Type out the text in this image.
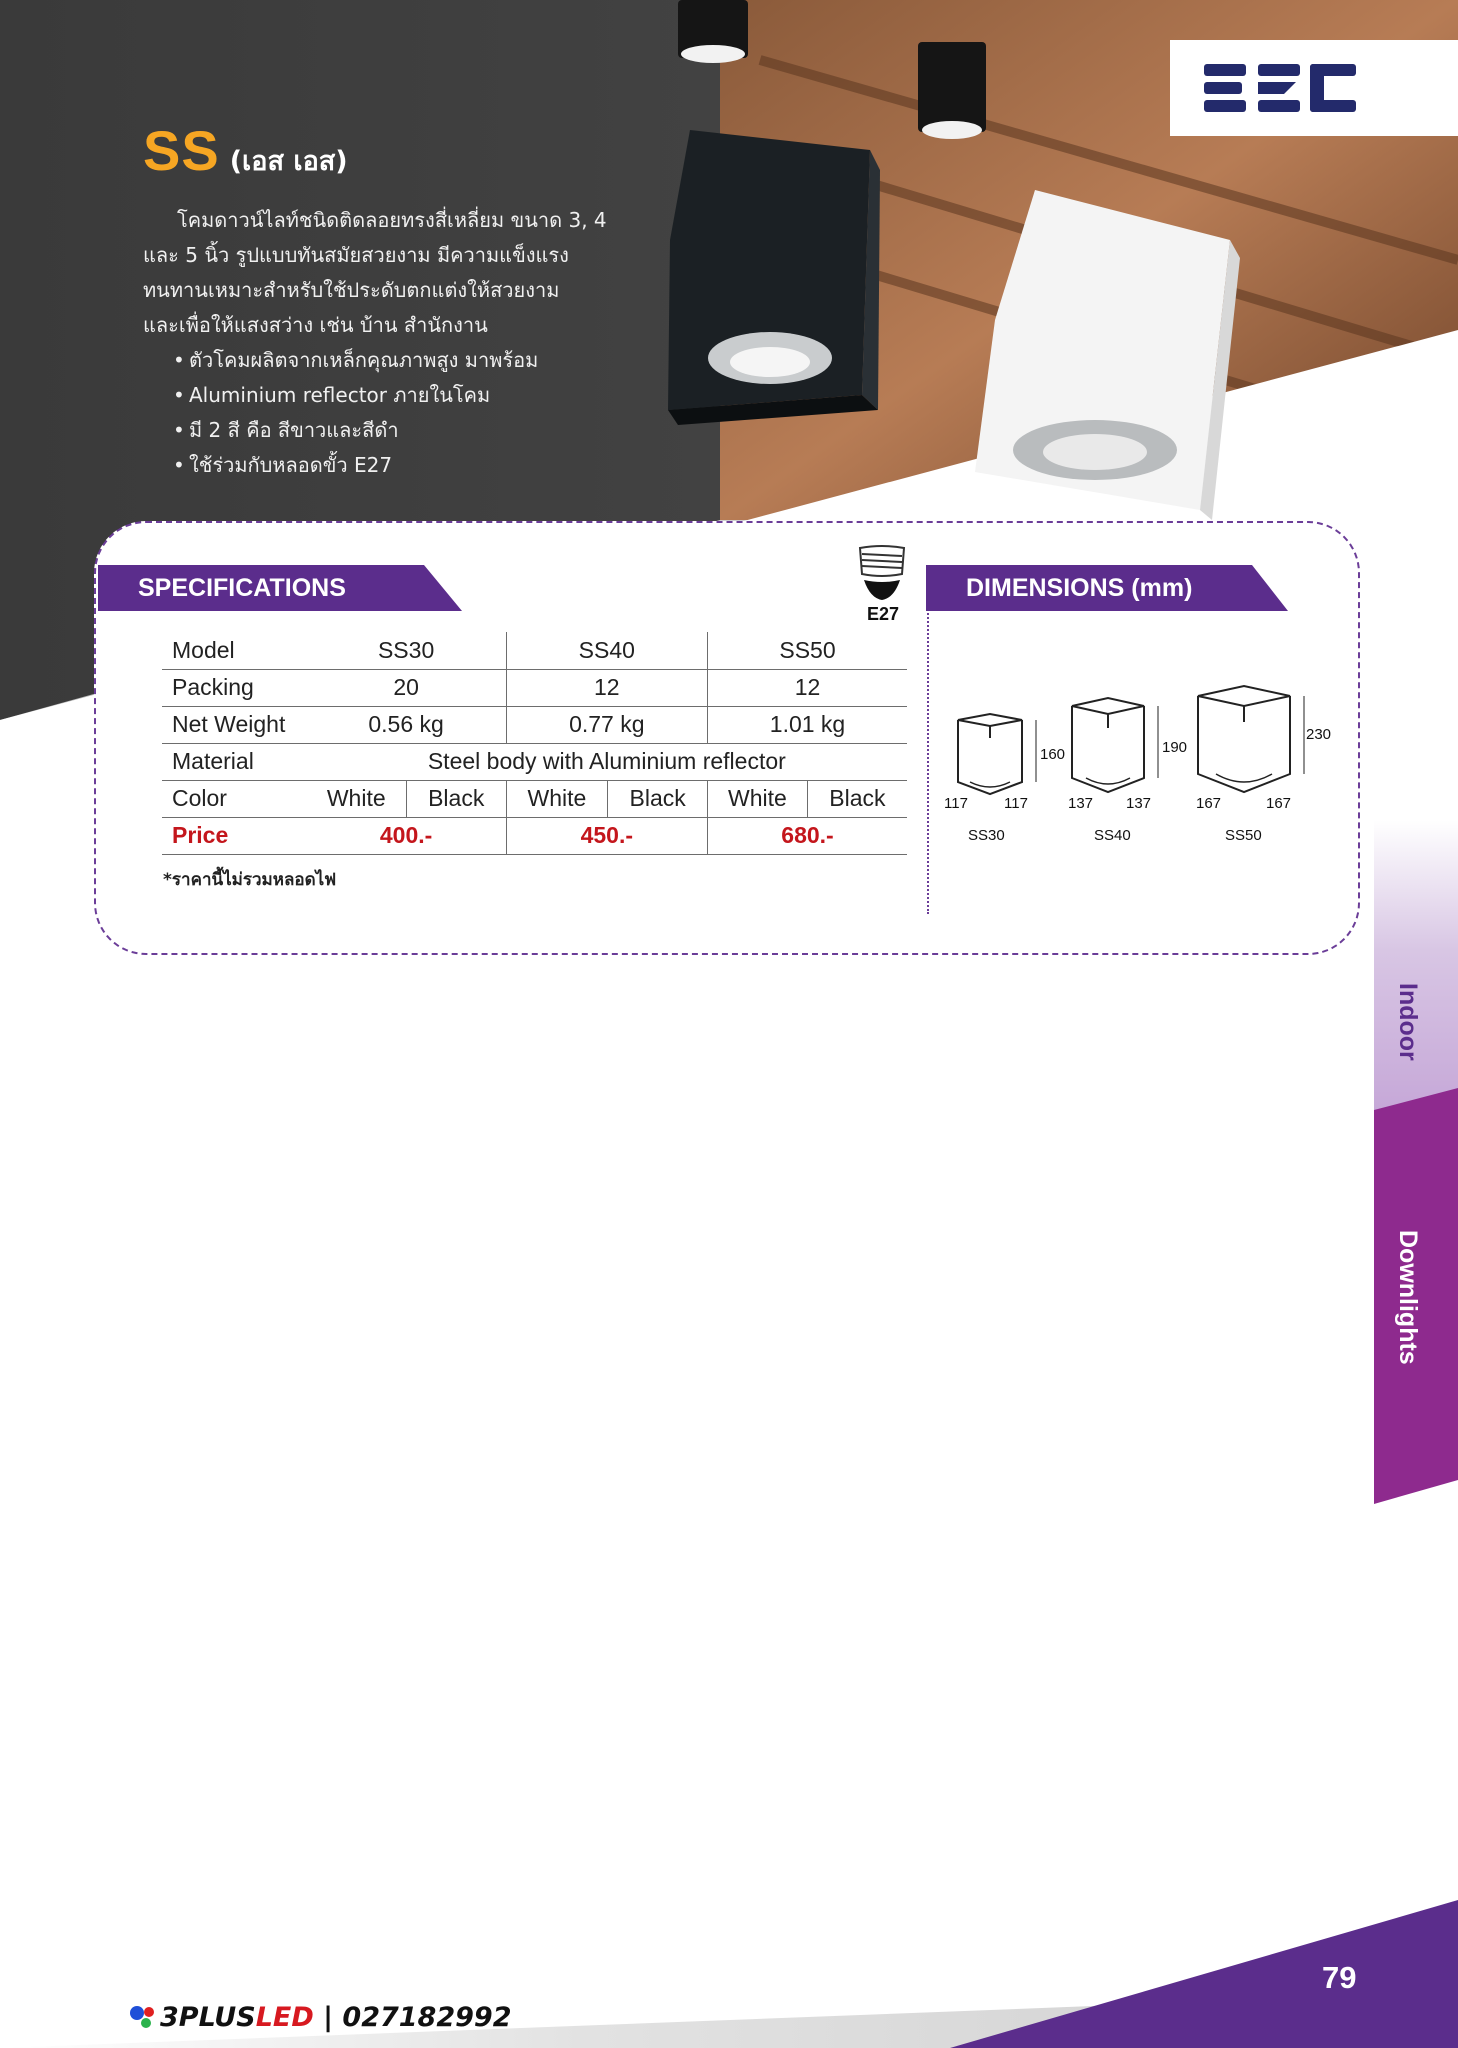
SS (เอส เอส)

โคมดาวน์ไลท์ชนิดติดลอยทรงสี่เหลี่ยม ขนาด 3, 4

และ 5 นิ้ว รูปแบบทันสมัยสวยงาม มีความแข็งแรง
ทนทานเหมาะสำหรับใช้ประดับตกแต่งให้สวยงาม
และเพื่อให้แสงสว่าง เช่น บ้าน สำนักงาน
• ตัวโคมผลิตจากเหล็กคุณภาพสูง มาพร้อม
• Aluminium reflector ภายในโคม
• มี 2 สี คือ สีขาวและสีดำ
• ใช้ร่วมกับหลอดขั้ว E27
SPECIFICATIONS
E27
Model	SS30		SS40		SS50	
Packing	20		12		12	
Net Weight	0.56 kg		0.77 kg		1.01 kg	
Material	Steel body with Aluminium reflector					
Color	White	Black	White	Black	White	Black
Price	400.-		450.-		680.-	
*ราคานี้ไม่รวมหลอดไฟ
DIMENSIONS (mm)
160
117 117
SS30
190
137 137
SS40
230
167	167
SS50
Indoor
Downlights
79
3PLUSLED | 027182992
